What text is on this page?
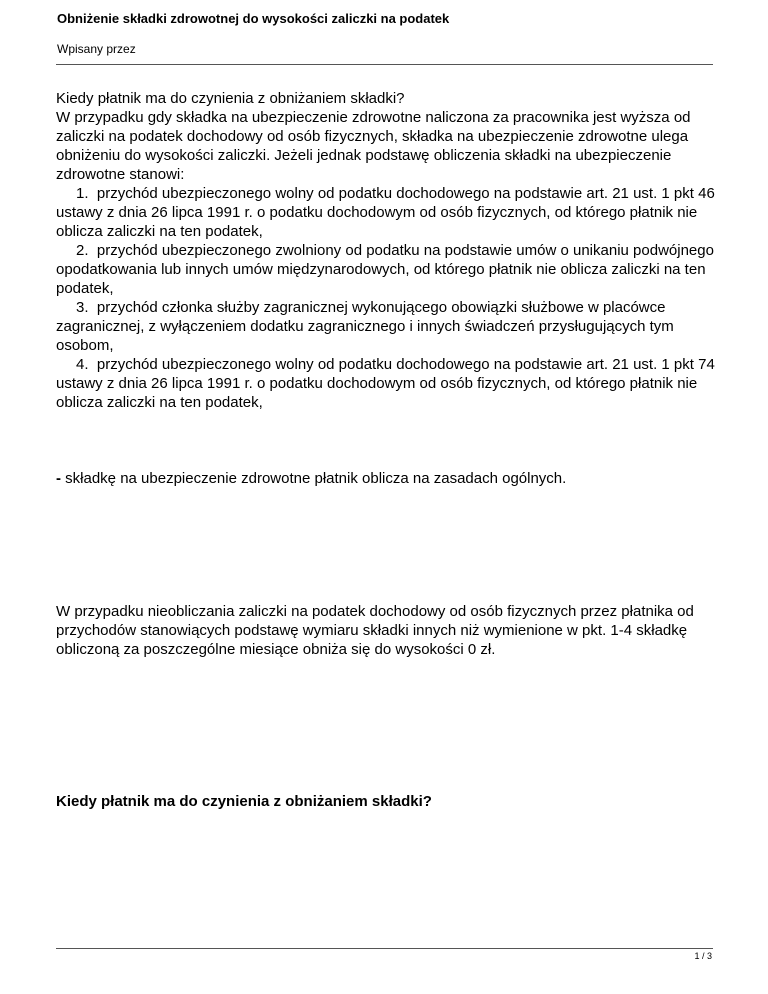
Obniżenie składki zdrowotnej do wysokości zaliczki na podatek
Wpisany przez

Kiedy płatnik ma do czynienia z obniżaniem składki?

W przypadku gdy składka na ubezpieczenie zdrowotne naliczona za pracownika jest wyższa od zaliczki na podatek dochodowy od osób fizycznych, składka na ubezpieczenie zdrowotne ulega obniżeniu do wysokości zaliczki. Jeżeli jednak podstawę obliczenia składki na ubezpieczenie zdrowotne stanowi:

1. przychód ubezpieczonego wolny od podatku dochodowego na podstawie art. 21 ust. 1 pkt 46 ustawy z dnia 26 lipca 1991 r. o podatku dochodowym od osób fizycznych, od którego płatnik nie oblicza zaliczki na ten podatek,
2. przychód ubezpieczonego zwolniony od podatku na podstawie umów o unikaniu podwójnego opodatkowania lub innych umów międzynarodowych, od którego płatnik nie oblicza zaliczki na ten podatek,
3. przychód członka służby zagranicznej wykonującego obowiązki służbowe w placówce zagranicznej, z wyłączeniem dodatku zagranicznego i innych świadczeń przysługujących tym osobom,
4. przychód ubezpieczonego wolny od podatku dochodowego na podstawie art. 21 ust. 1 pkt 74 ustawy z dnia 26 lipca 1991 r. o podatku dochodowym od osób fizycznych, od którego płatnik nie oblicza zaliczki na ten podatek,

- składkę na ubezpieczenie zdrowotne płatnik oblicza na zasadach ogólnych.

W przypadku nieobliczania zaliczki na podatek dochodowy od osób fizycznych przez płatnika od przychodów stanowiących podstawę wymiaru składki innych niż wymienione w pkt. 1-4 składkę obliczoną za poszczególne miesiące obniża się do wysokości 0 zł.

Kiedy płatnik ma do czynienia z obniżaniem składki?

1 / 3
